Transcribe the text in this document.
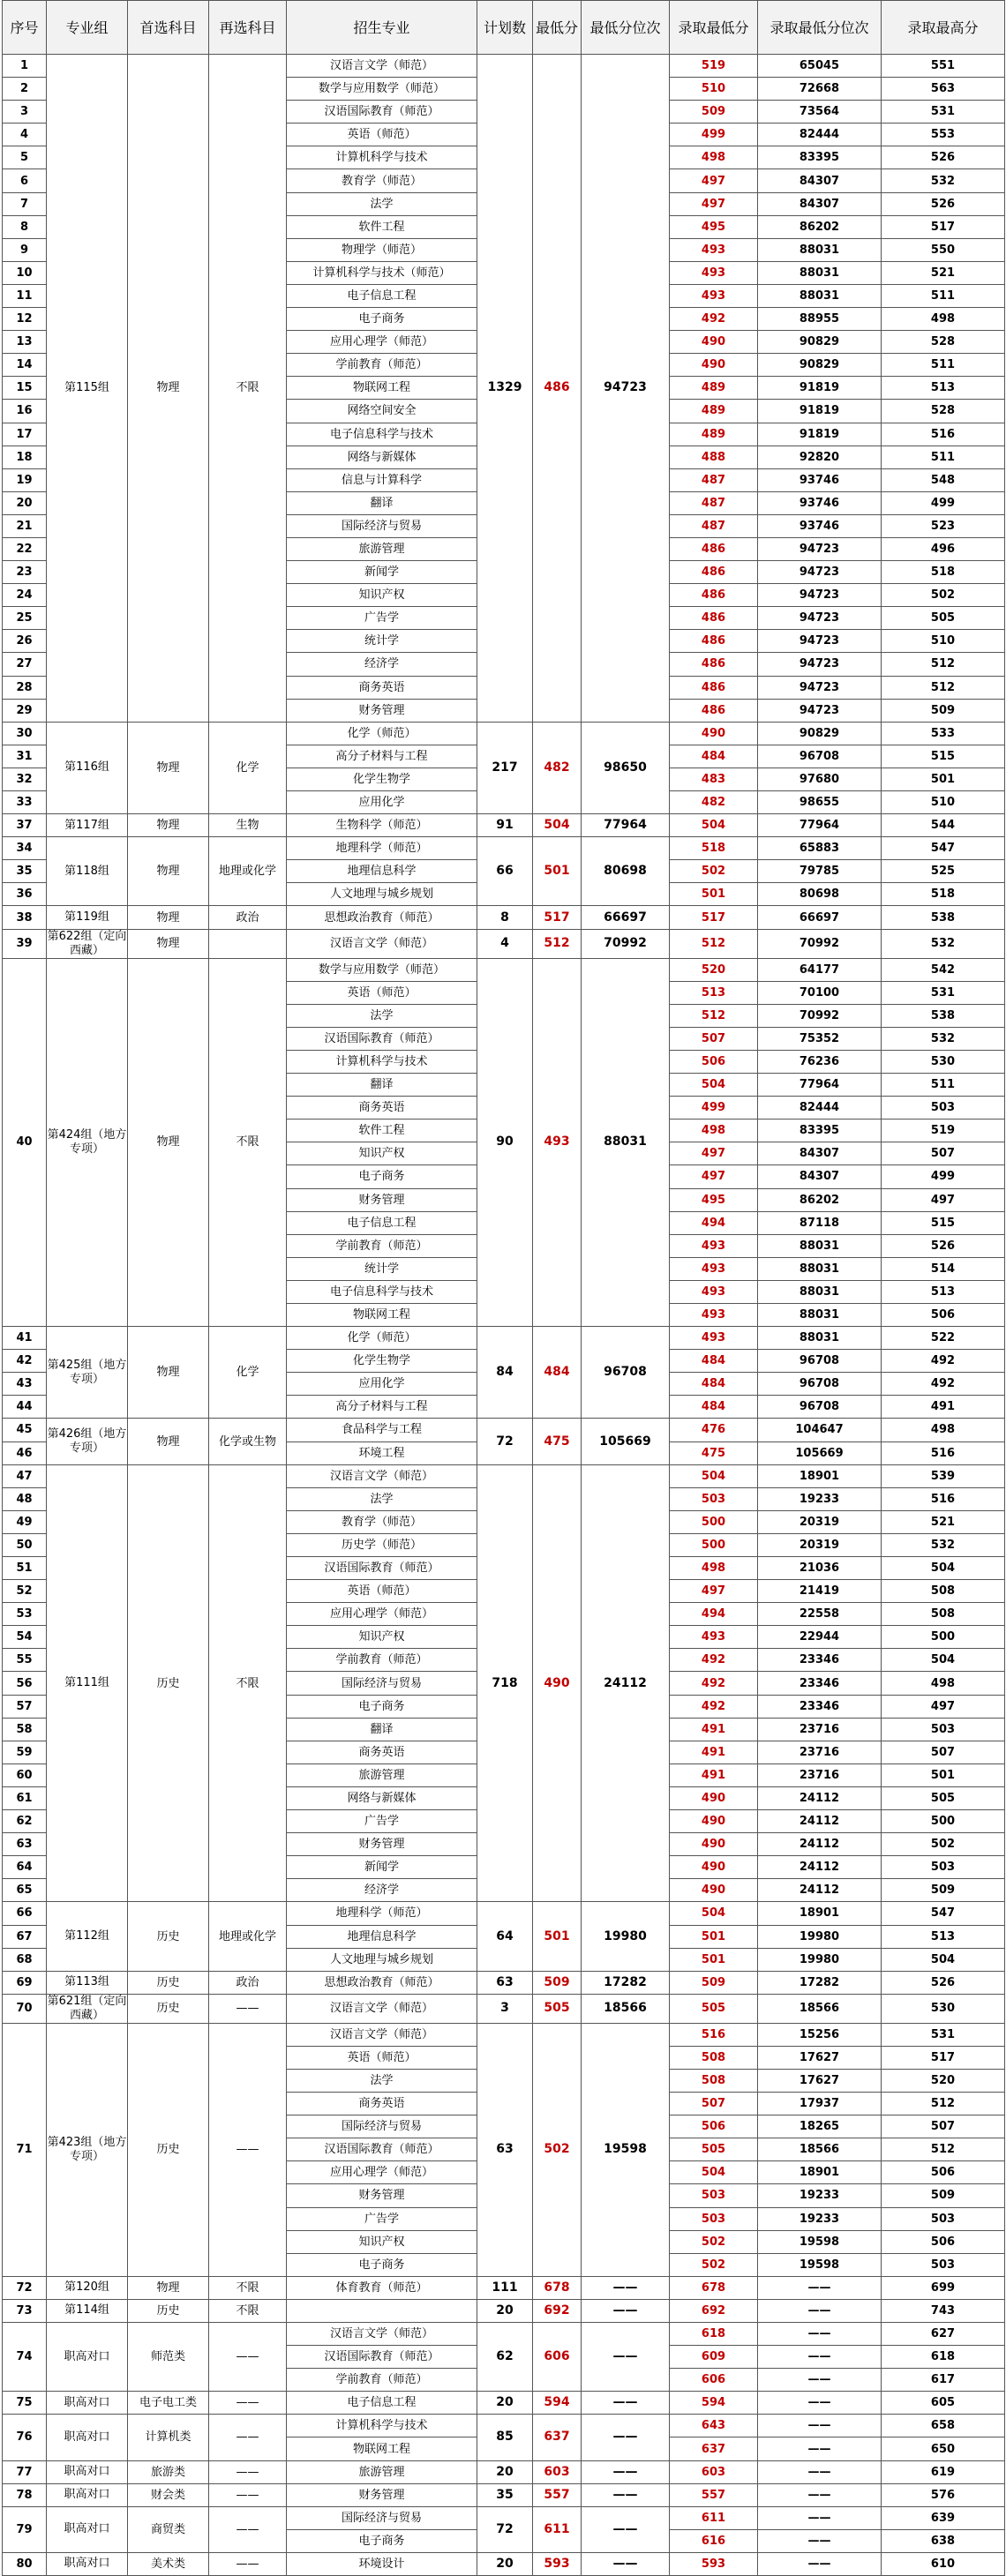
序号	专业组	首选科目	再选科目	招生专业	计划数	最低分	最低分位次	录取最低分	录取最低分位次	录取最高分
1	第115组	物理	不限	汉语言文学（师范）	1329	486	94723	519	65045	551
2				数学与应用数学（师范）				510	72668	563
3				汉语国际教育（师范）				509	73564	531
4				英语（师范）				499	82444	553
5				计算机科学与技术				498	83395	526
6				教育学（师范）				497	84307	532
7				法学				497	84307	526
8				软件工程				495	86202	517
9				物理学（师范）				493	88031	550
10				计算机科学与技术（师范）				493	88031	521
11				电子信息工程				493	88031	511
12				电子商务				492	88955	498
13				应用心理学（师范）				490	90829	528
14				学前教育（师范）				490	90829	511
15				物联网工程				489	91819	513
16				网络空间安全				489	91819	528
17				电子信息科学与技术				489	91819	516
18				网络与新媒体				488	92820	511
19				信息与计算科学				487	93746	548
20				翻译				487	93746	499
21				国际经济与贸易				487	93746	523
22				旅游管理				486	94723	496
23				新闻学				486	94723	518
24				知识产权				486	94723	502
25				广告学				486	94723	505
26				统计学				486	94723	510
27				经济学				486	94723	512
28				商务英语				486	94723	512
29				财务管理				486	94723	509
30	第116组	物理	化学	化学（师范）	217	482	98650	490	90829	533
31				高分子材料与工程				484	96708	515
32				化学生物学				483	97680	501
33				应用化学				482	98655	510
37	第117组	物理	生物	生物科学（师范）	91	504	77964	504	77964	544
34	第118组	物理	地理或化学	地理科学（师范）	66	501	80698	518	65883	547
35				地理信息科学				502	79785	525
36				人文地理与城乡规划				501	80698	518
38	第119组	物理	政治	思想政治教育（师范）	8	517	66697	517	66697	538
39	第622组（定向西藏）	物理		汉语言文学（师范）	4	512	70992	512	70992	532
40	第424组（地方专项）	物理	不限	数学与应用数学（师范）	90	493	88031	520	64177	542
				英语（师范）				513	70100	531
				法学				512	70992	538
				汉语国际教育（师范）				507	75352	532
				计算机科学与技术				506	76236	530
				翻译				504	77964	511
				商务英语				499	82444	503
				软件工程				498	83395	519
				知识产权				497	84307	507
				电子商务				497	84307	499
				财务管理				495	86202	497
				电子信息工程				494	87118	515
				学前教育（师范）				493	88031	526
				统计学				493	88031	514
				电子信息科学与技术				493	88031	513
				物联网工程				493	88031	506
41	第425组（地方专项）	物理	化学	化学（师范）	84	484	96708	493	88031	522
42				化学生物学				484	96708	492
43				应用化学				484	96708	492
44				高分子材料与工程				484	96708	491
45	第426组（地方专项）	物理	化学或生物	食品科学与工程	72	475	105669	476	104647	498
46				环境工程				475	105669	516
47	第111组	历史	不限	汉语言文学（师范）	718	490	24112	504	18901	539
48				法学				503	19233	516
49				教育学（师范）				500	20319	521
50				历史学（师范）				500	20319	532
51				汉语国际教育（师范）				498	21036	504
52				英语（师范）				497	21419	508
53				应用心理学（师范）				494	22558	508
54				知识产权				493	22944	500
55				学前教育（师范）				492	23346	504
56				国际经济与贸易				492	23346	498
57				电子商务				492	23346	497
58				翻译				491	23716	503
59				商务英语				491	23716	507
60				旅游管理				491	23716	501
61				网络与新媒体				490	24112	505
62				广告学				490	24112	500
63				财务管理				490	24112	502
64				新闻学				490	24112	503
65				经济学				490	24112	509
66	第112组	历史	地理或化学	地理科学（师范）	64	501	19980	504	18901	547
67				地理信息科学				501	19980	513
68				人文地理与城乡规划				501	19980	504
69	第113组	历史	政治	思想政治教育（师范）	63	509	17282	509	17282	526
70	第621组（定向西藏）	历史	——	汉语言文学（师范）	3	505	18566	505	18566	530
71	第423组（地方专项）	历史	——	汉语言文学（师范）	63	502	19598	516	15256	531
				英语（师范）				508	17627	517
				法学				508	17627	520
				商务英语				507	17937	512
				国际经济与贸易				506	18265	507
				汉语国际教育（师范）				505	18566	512
				应用心理学（师范）				504	18901	506
				财务管理				503	19233	509
				广告学				503	19233	503
				知识产权				502	19598	506
				电子商务				502	19598	503
72	第120组	物理	不限	体育教育（师范）	111	678	——	678	——	699
73	第114组	历史	不限		20	692	——	692	——	743
74	职高对口	师范类	——	汉语言文学（师范）	62	606	——	618	——	627
				汉语国际教育（师范）				609	——	618
				学前教育（师范）				606	——	617
75	职高对口	电子电工类	——	电子信息工程	20	594	——	594	——	605
76	职高对口	计算机类	——	计算机科学与技术	85	637	——	643	——	658
				物联网工程				637	——	650
77	职高对口	旅游类	——	旅游管理	20	603	——	603	——	619
78	职高对口	财会类	——	财务管理	35	557	——	557	——	576
79	职高对口	商贸类	——	国际经济与贸易	72	611	——	611	——	639
				电子商务				616	——	638
80	职高对口	美术类	——	环境设计	20	593	——	593	——	610
